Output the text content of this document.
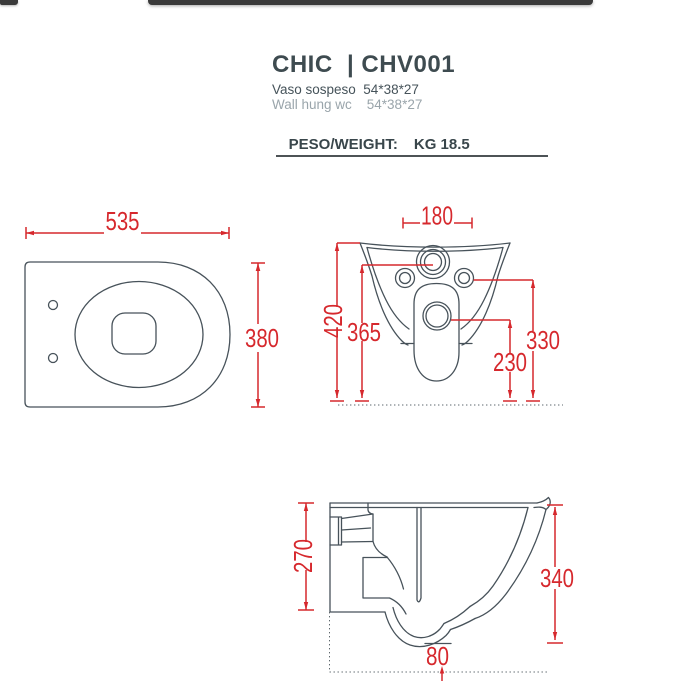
CHIC  | CHV001
Vaso sospeso  54*38*27
Wall hung wc    54*38*27

PESO/WEIGHT: KG 18.5

535
380
180
420 365	330
230
270
340
80
